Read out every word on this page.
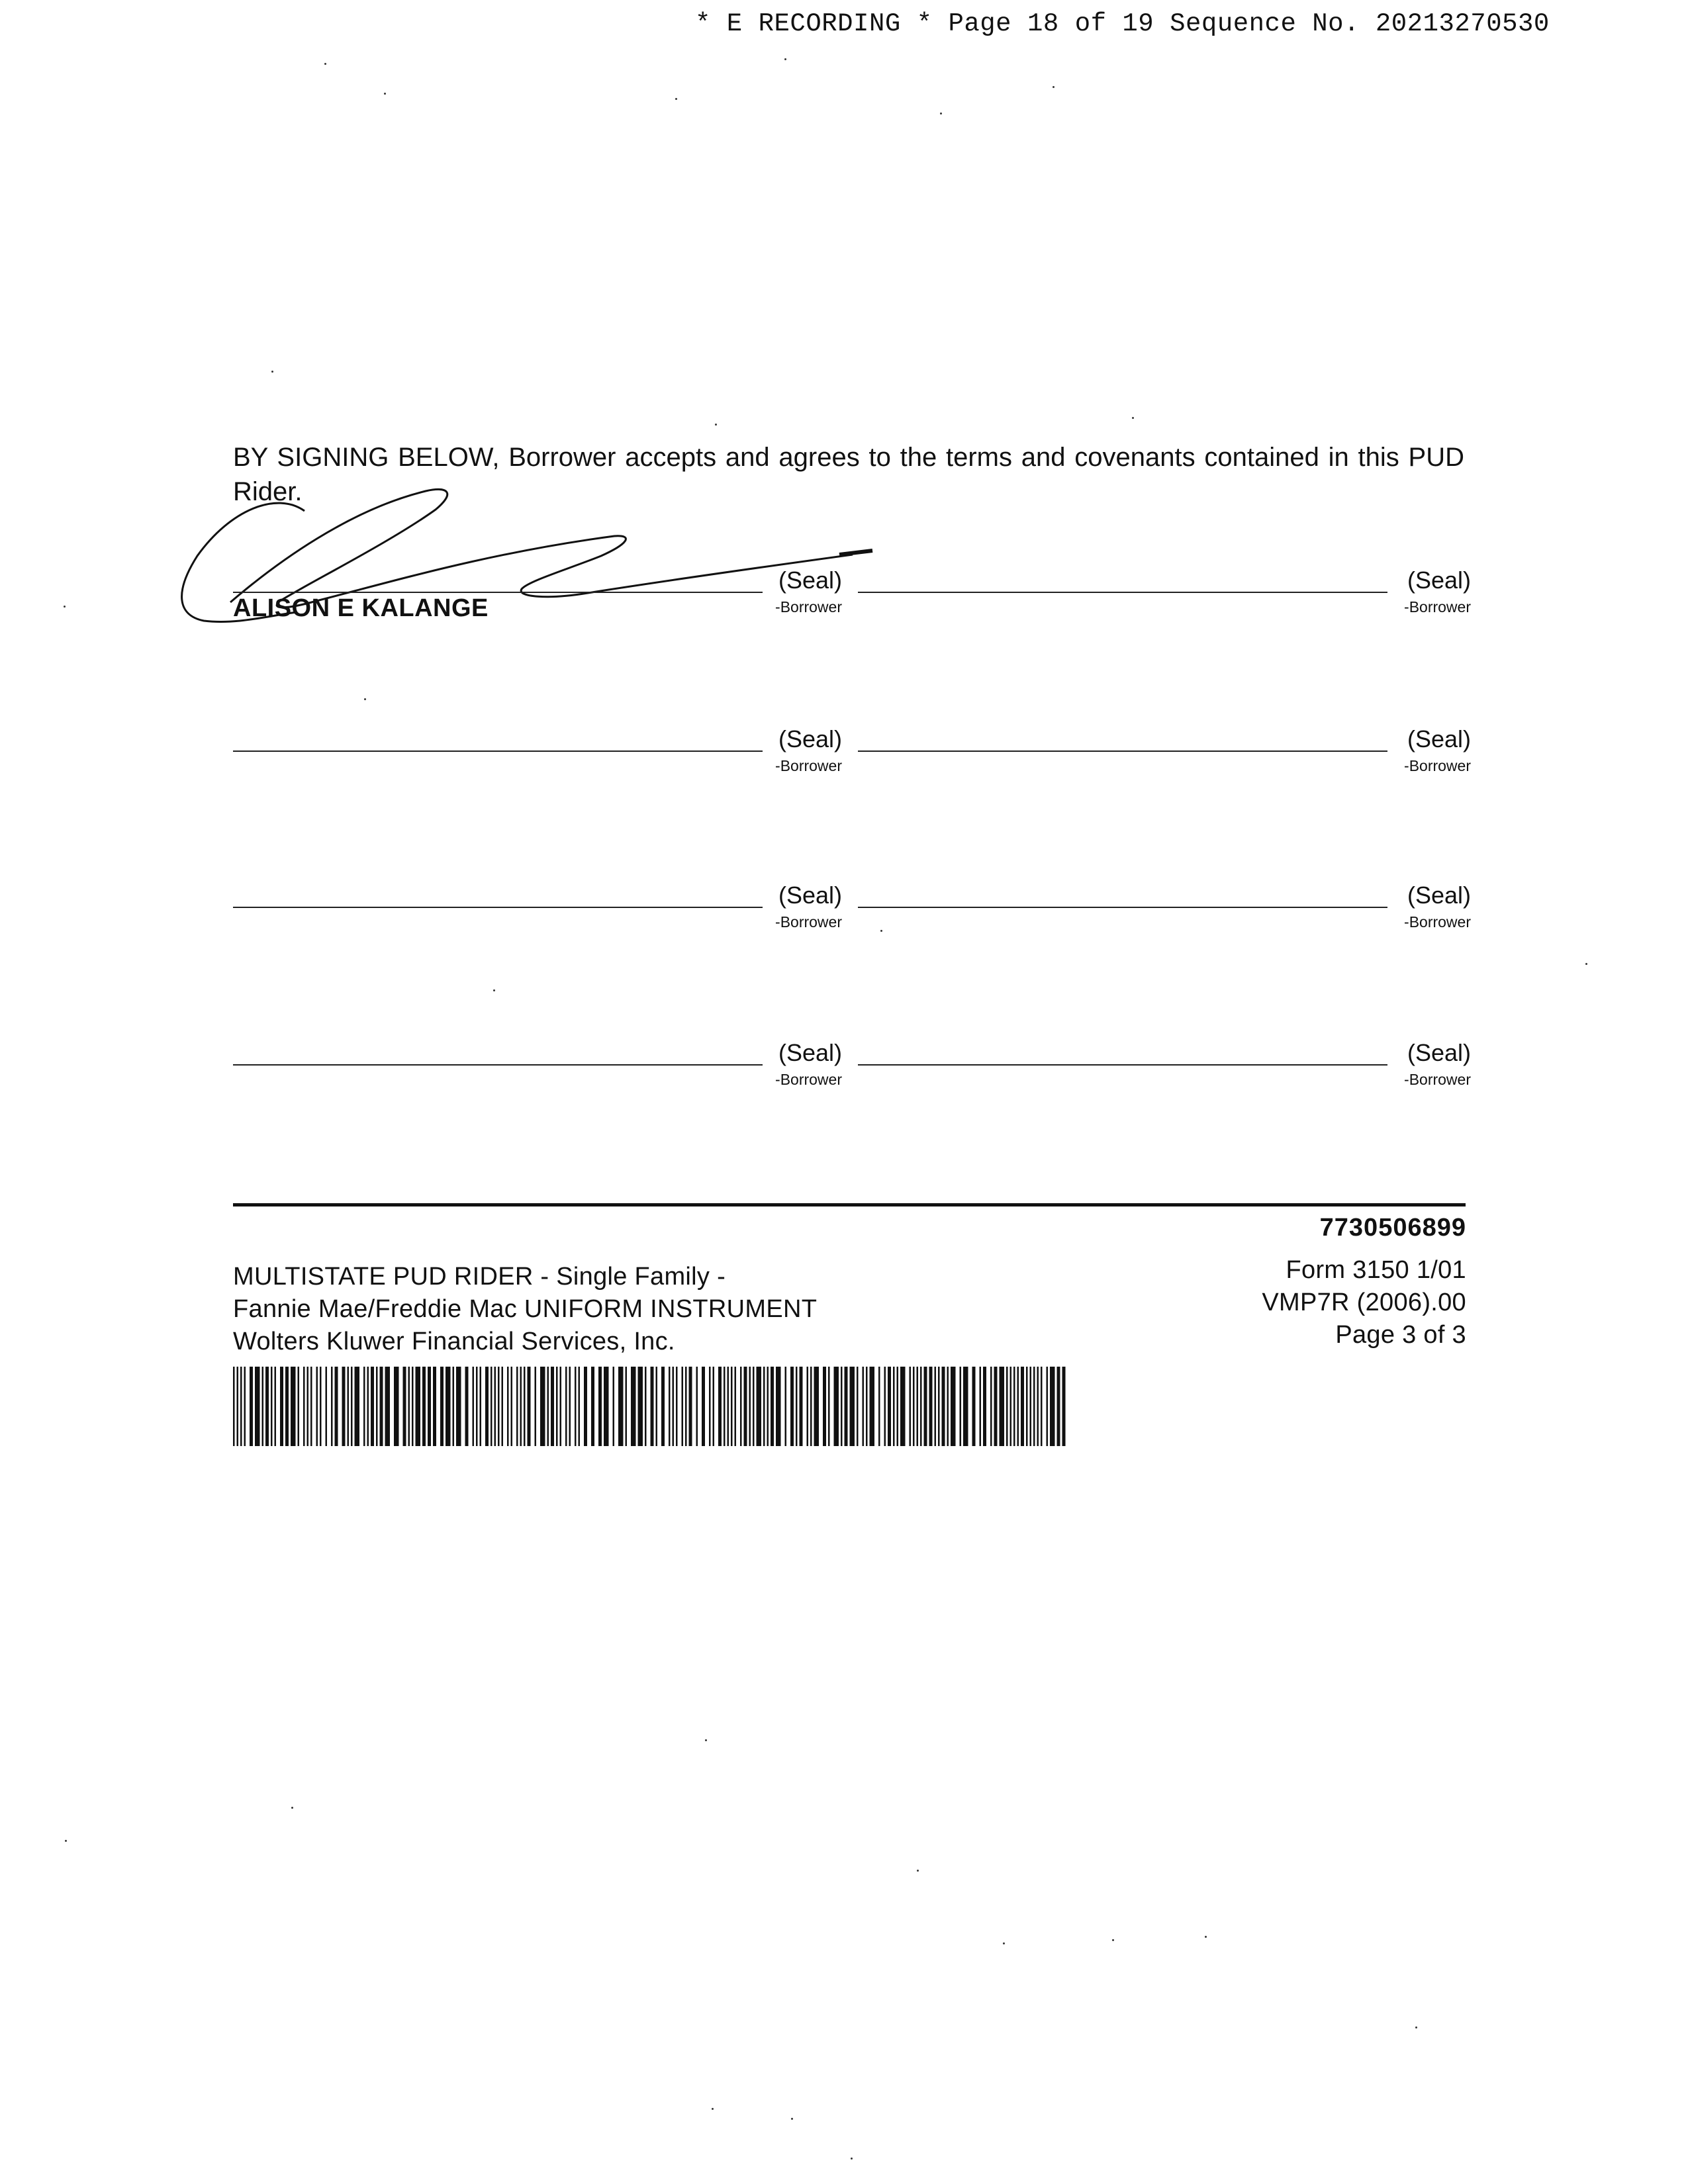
* E RECORDING * Page 18 of 19 Sequence No. 20213270530
BY SIGNING BELOW, Borrower accepts and agrees to the terms and covenants contained in this PUD Rider.
(Seal)
-Borrower
ALISON E KALANGE
(Seal)
-Borrower
(Seal)
-Borrower
(Seal)
-Borrower
(Seal)
-Borrower
(Seal)
-Borrower
(Seal)
-Borrower
(Seal)
-Borrower
7730506899
MULTISTATE PUD RIDER - Single Family -
Fannie Mae/Freddie Mac UNIFORM INSTRUMENT
Wolters Kluwer Financial Services, Inc.
Form 3150 1/01
VMP7R (2006).00
Page 3 of 3
